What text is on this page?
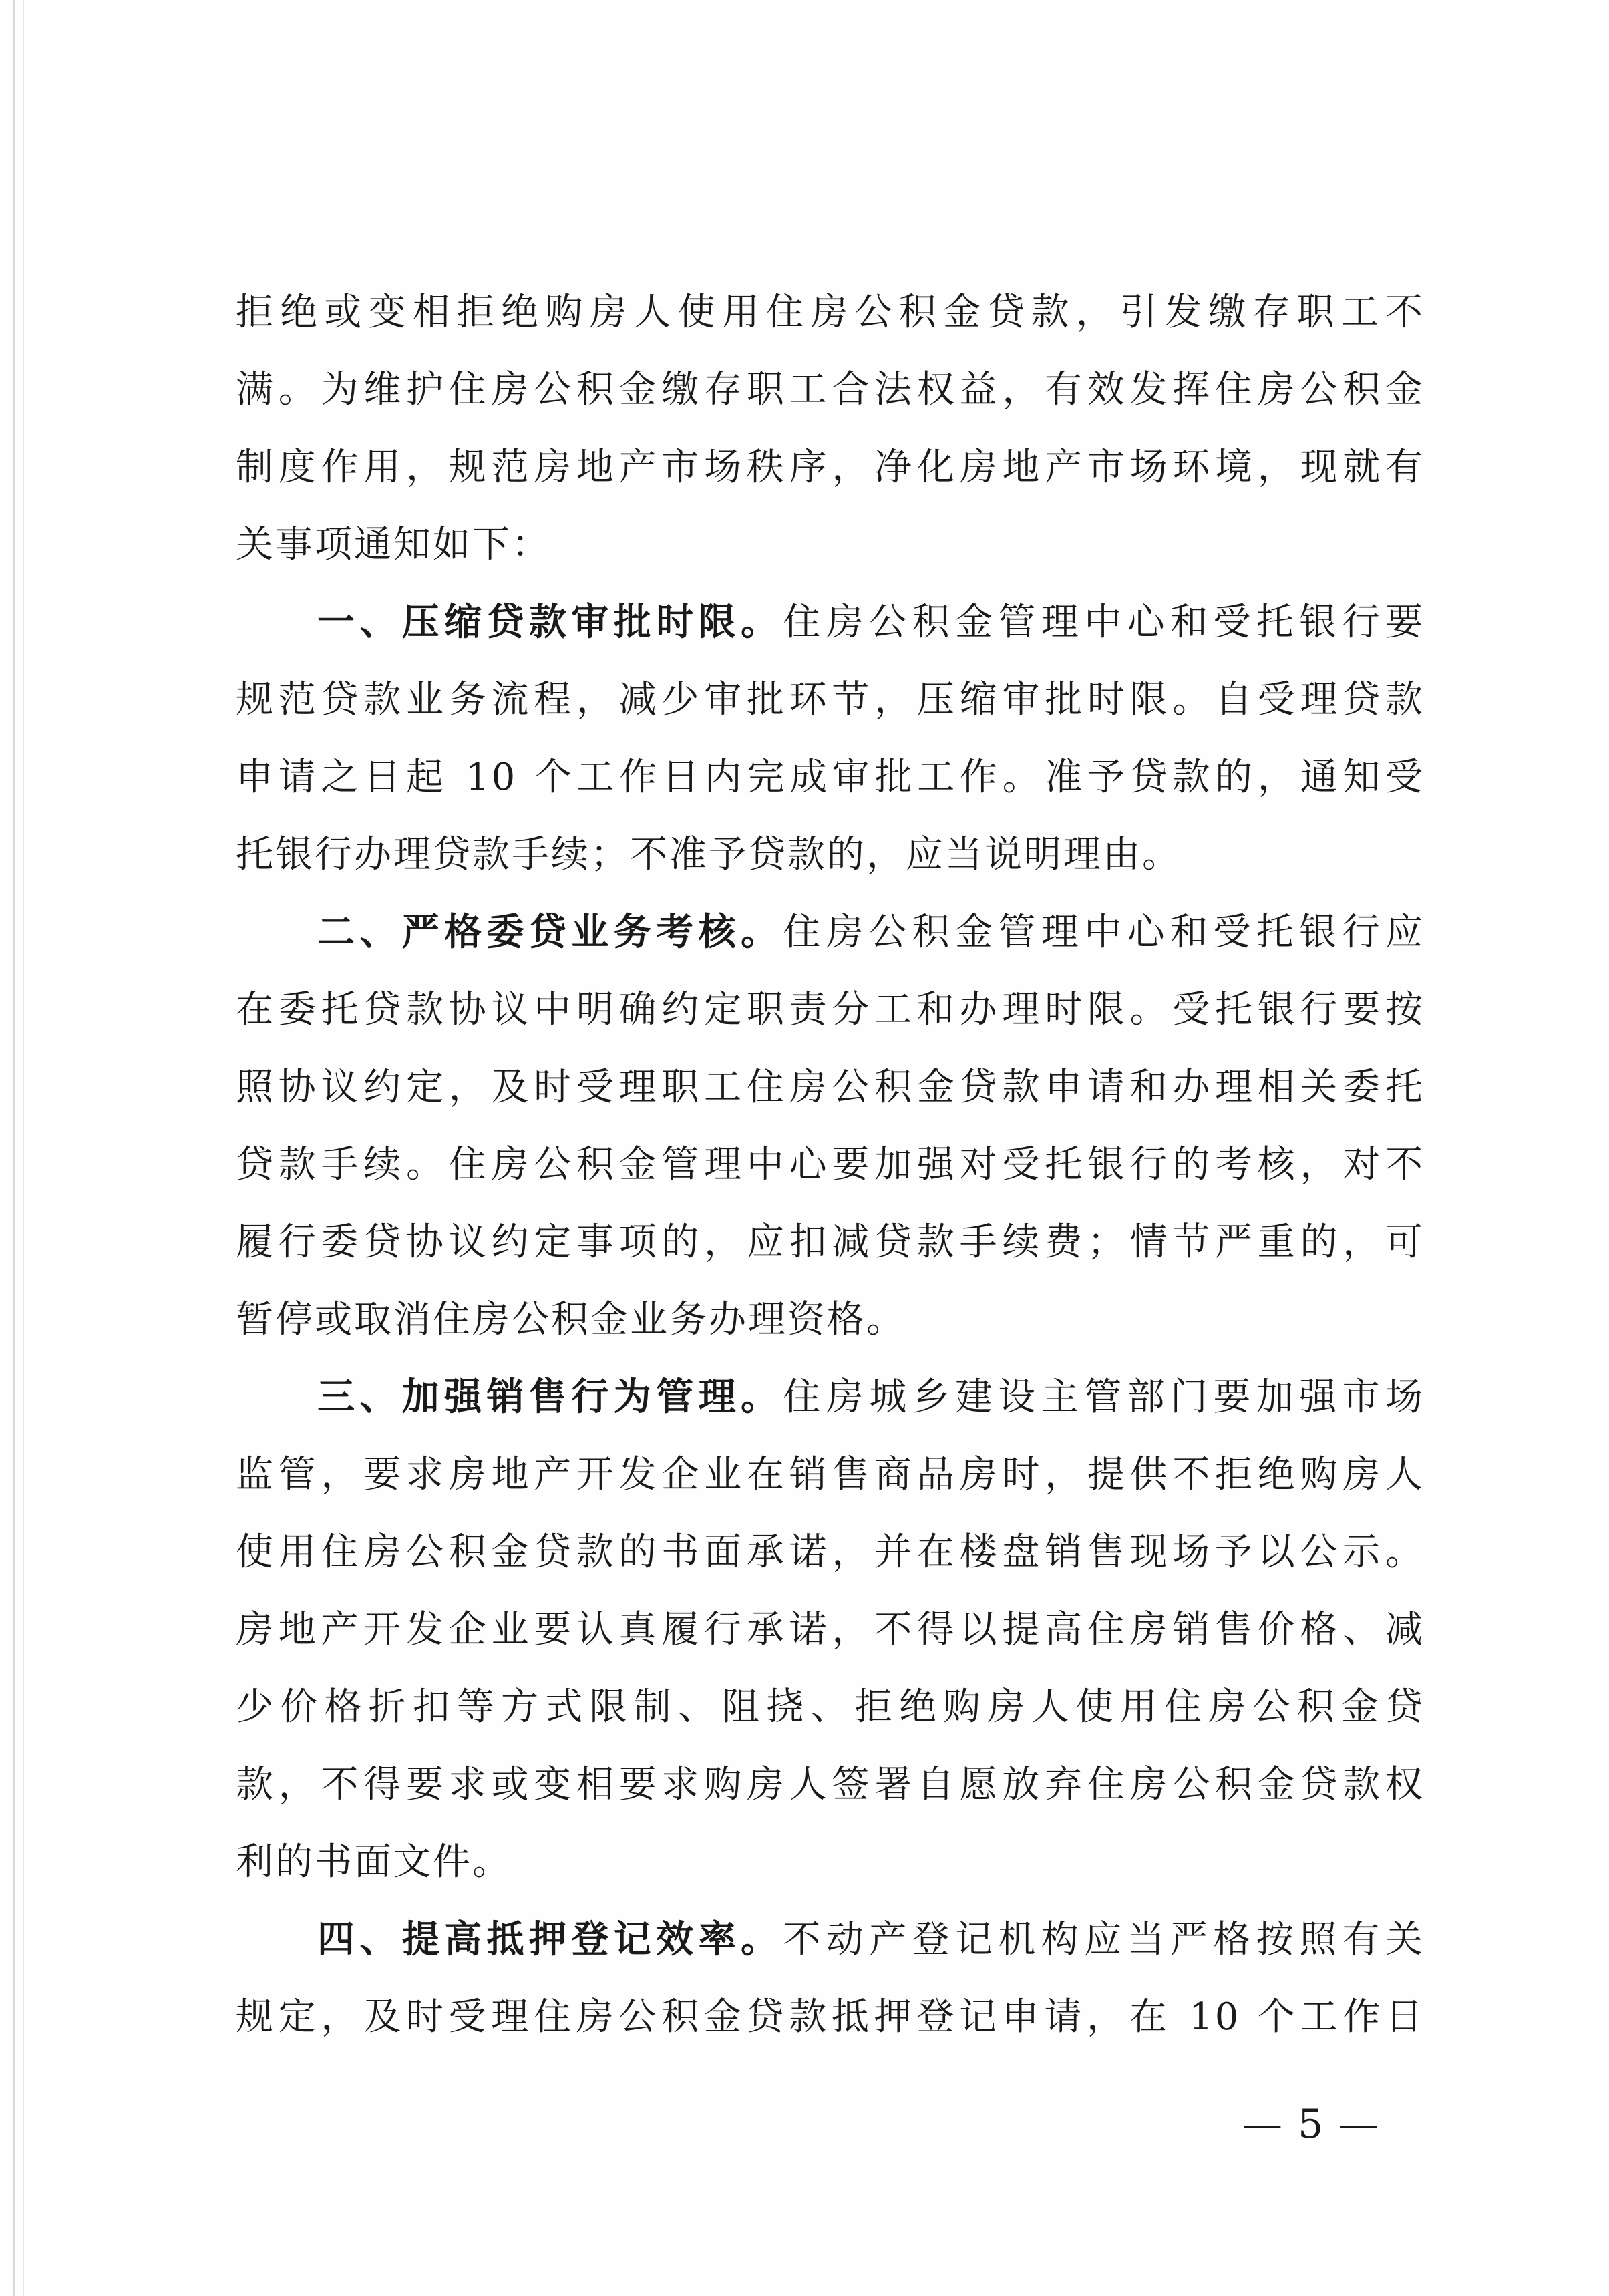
拒绝或变相拒绝购房人使用住房公积金贷款，引发缴存职工不
满。为维护住房公积金缴存职工合法权益，有效发挥住房公积金
制度作用，规范房地产市场秩序，净化房地产市场环境，现就有
关事项通知如下：
一、压缩贷款审批时限。住房公积金管理中心和受托银行要
规范贷款业务流程，减少审批环节，压缩审批时限。自受理贷款
申请之日起 10 个工作日内完成审批工作。准予贷款的，通知受
托银行办理贷款手续；不准予贷款的，应当说明理由。
二、严格委贷业务考核。住房公积金管理中心和受托银行应
在委托贷款协议中明确约定职责分工和办理时限。受托银行要按
照协议约定，及时受理职工住房公积金贷款申请和办理相关委托
贷款手续。住房公积金管理中心要加强对受托银行的考核，对不
履行委贷协议约定事项的，应扣减贷款手续费；情节严重的，可
暂停或取消住房公积金业务办理资格。
三、加强销售行为管理。住房城乡建设主管部门要加强市场
监管，要求房地产开发企业在销售商品房时，提供不拒绝购房人
使用住房公积金贷款的书面承诺，并在楼盘销售现场予以公示。
房地产开发企业要认真履行承诺，不得以提高住房销售价格、减
少价格折扣等方式限制、阻挠、拒绝购房人使用住房公积金贷
款，不得要求或变相要求购房人签署自愿放弃住房公积金贷款权
利的书面文件。
四、提高抵押登记效率。不动产登记机构应当严格按照有关
规定，及时受理住房公积金贷款抵押登记申请，在 10 个工作日
— 5 —
